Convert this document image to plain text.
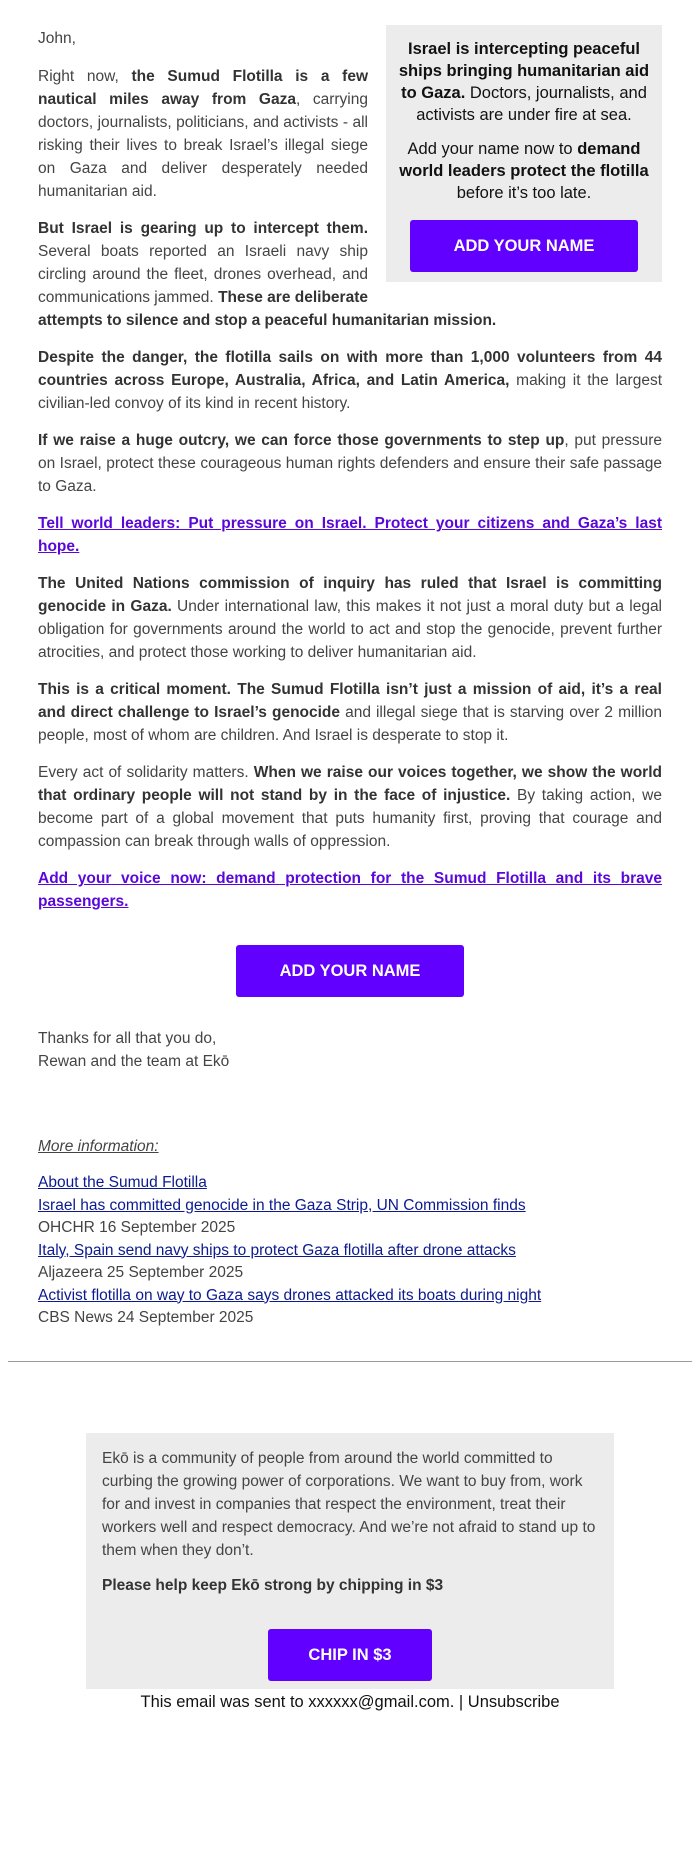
Israel is intercepting peaceful ships bringing humanitarian aid to Gaza. Doctors, journalists, and activists are under fire at sea.

Add your name now to demand world leaders protect the flotilla before it’s too late.

ADD YOUR NAME

John,

Right now, the Sumud Flotilla is a few nautical miles away from Gaza, carrying doctors, journalists, politicians, and activists - all risking their lives to break Israel’s illegal siege on Gaza and deliver desperately needed humanitarian aid.

But Israel is gearing up to intercept them. Several boats reported an Israeli navy ship circling around the fleet, drones overhead, and communications jammed. These are deliberate attempts to silence and stop a peaceful humanitarian mission.

Despite the danger, the flotilla sails on with more than 1,000 volunteers from 44 countries across Europe, Australia, Africa, and Latin America, making it the largest civilian-led convoy of its kind in recent history.

If we raise a huge outcry, we can force those governments to step up, put pressure on Israel, protect these courageous human rights defenders and ensure their safe passage to Gaza.

Tell world leaders: Put pressure on Israel. Protect your citizens and Gaza’s last hope.

The United Nations commission of inquiry has ruled that Israel is committing genocide in Gaza. Under international law, this makes it not just a moral duty but a legal obligation for governments around the world to act and stop the genocide, prevent further atrocities, and protect those working to deliver humanitarian aid.

This is a critical moment. The Sumud Flotilla isn’t just a mission of aid, it’s a real and direct challenge to Israel’s genocide and illegal siege that is starving over 2 million people, most of whom are children. And Israel is desperate to stop it.

Every act of solidarity matters. When we raise our voices together, we show the world that ordinary people will not stand by in the face of injustice. By taking action, we become part of a global movement that puts humanity first, proving that courage and compassion can break through walls of oppression.

Add your voice now: demand protection for the Sumud Flotilla and its brave passengers.

ADD YOUR NAME
Thanks for all that you do,
Rewan and the team at Ekō
More information:
About the Sumud Flotilla
Israel has committed genocide in the Gaza Strip, UN Commission finds
OHCHR 16 September 2025
Italy, Spain send navy ships to protect Gaza flotilla after drone attacks
Aljazeera 25 September 2025
Activist flotilla on way to Gaza says drones attacked its boats during night
CBS News 24 September 2025

Ekō is a community of people from around the world committed to curbing the growing power of corporations. We want to buy from, work for and invest in companies that respect the environment, treat their workers well and respect democracy. And we’re not afraid to stand up to them when they don’t.

Please help keep Ekō strong by chipping in $3

CHIP IN $3
This email was sent to xxxxxx@gmail.com. | Unsubscribe
